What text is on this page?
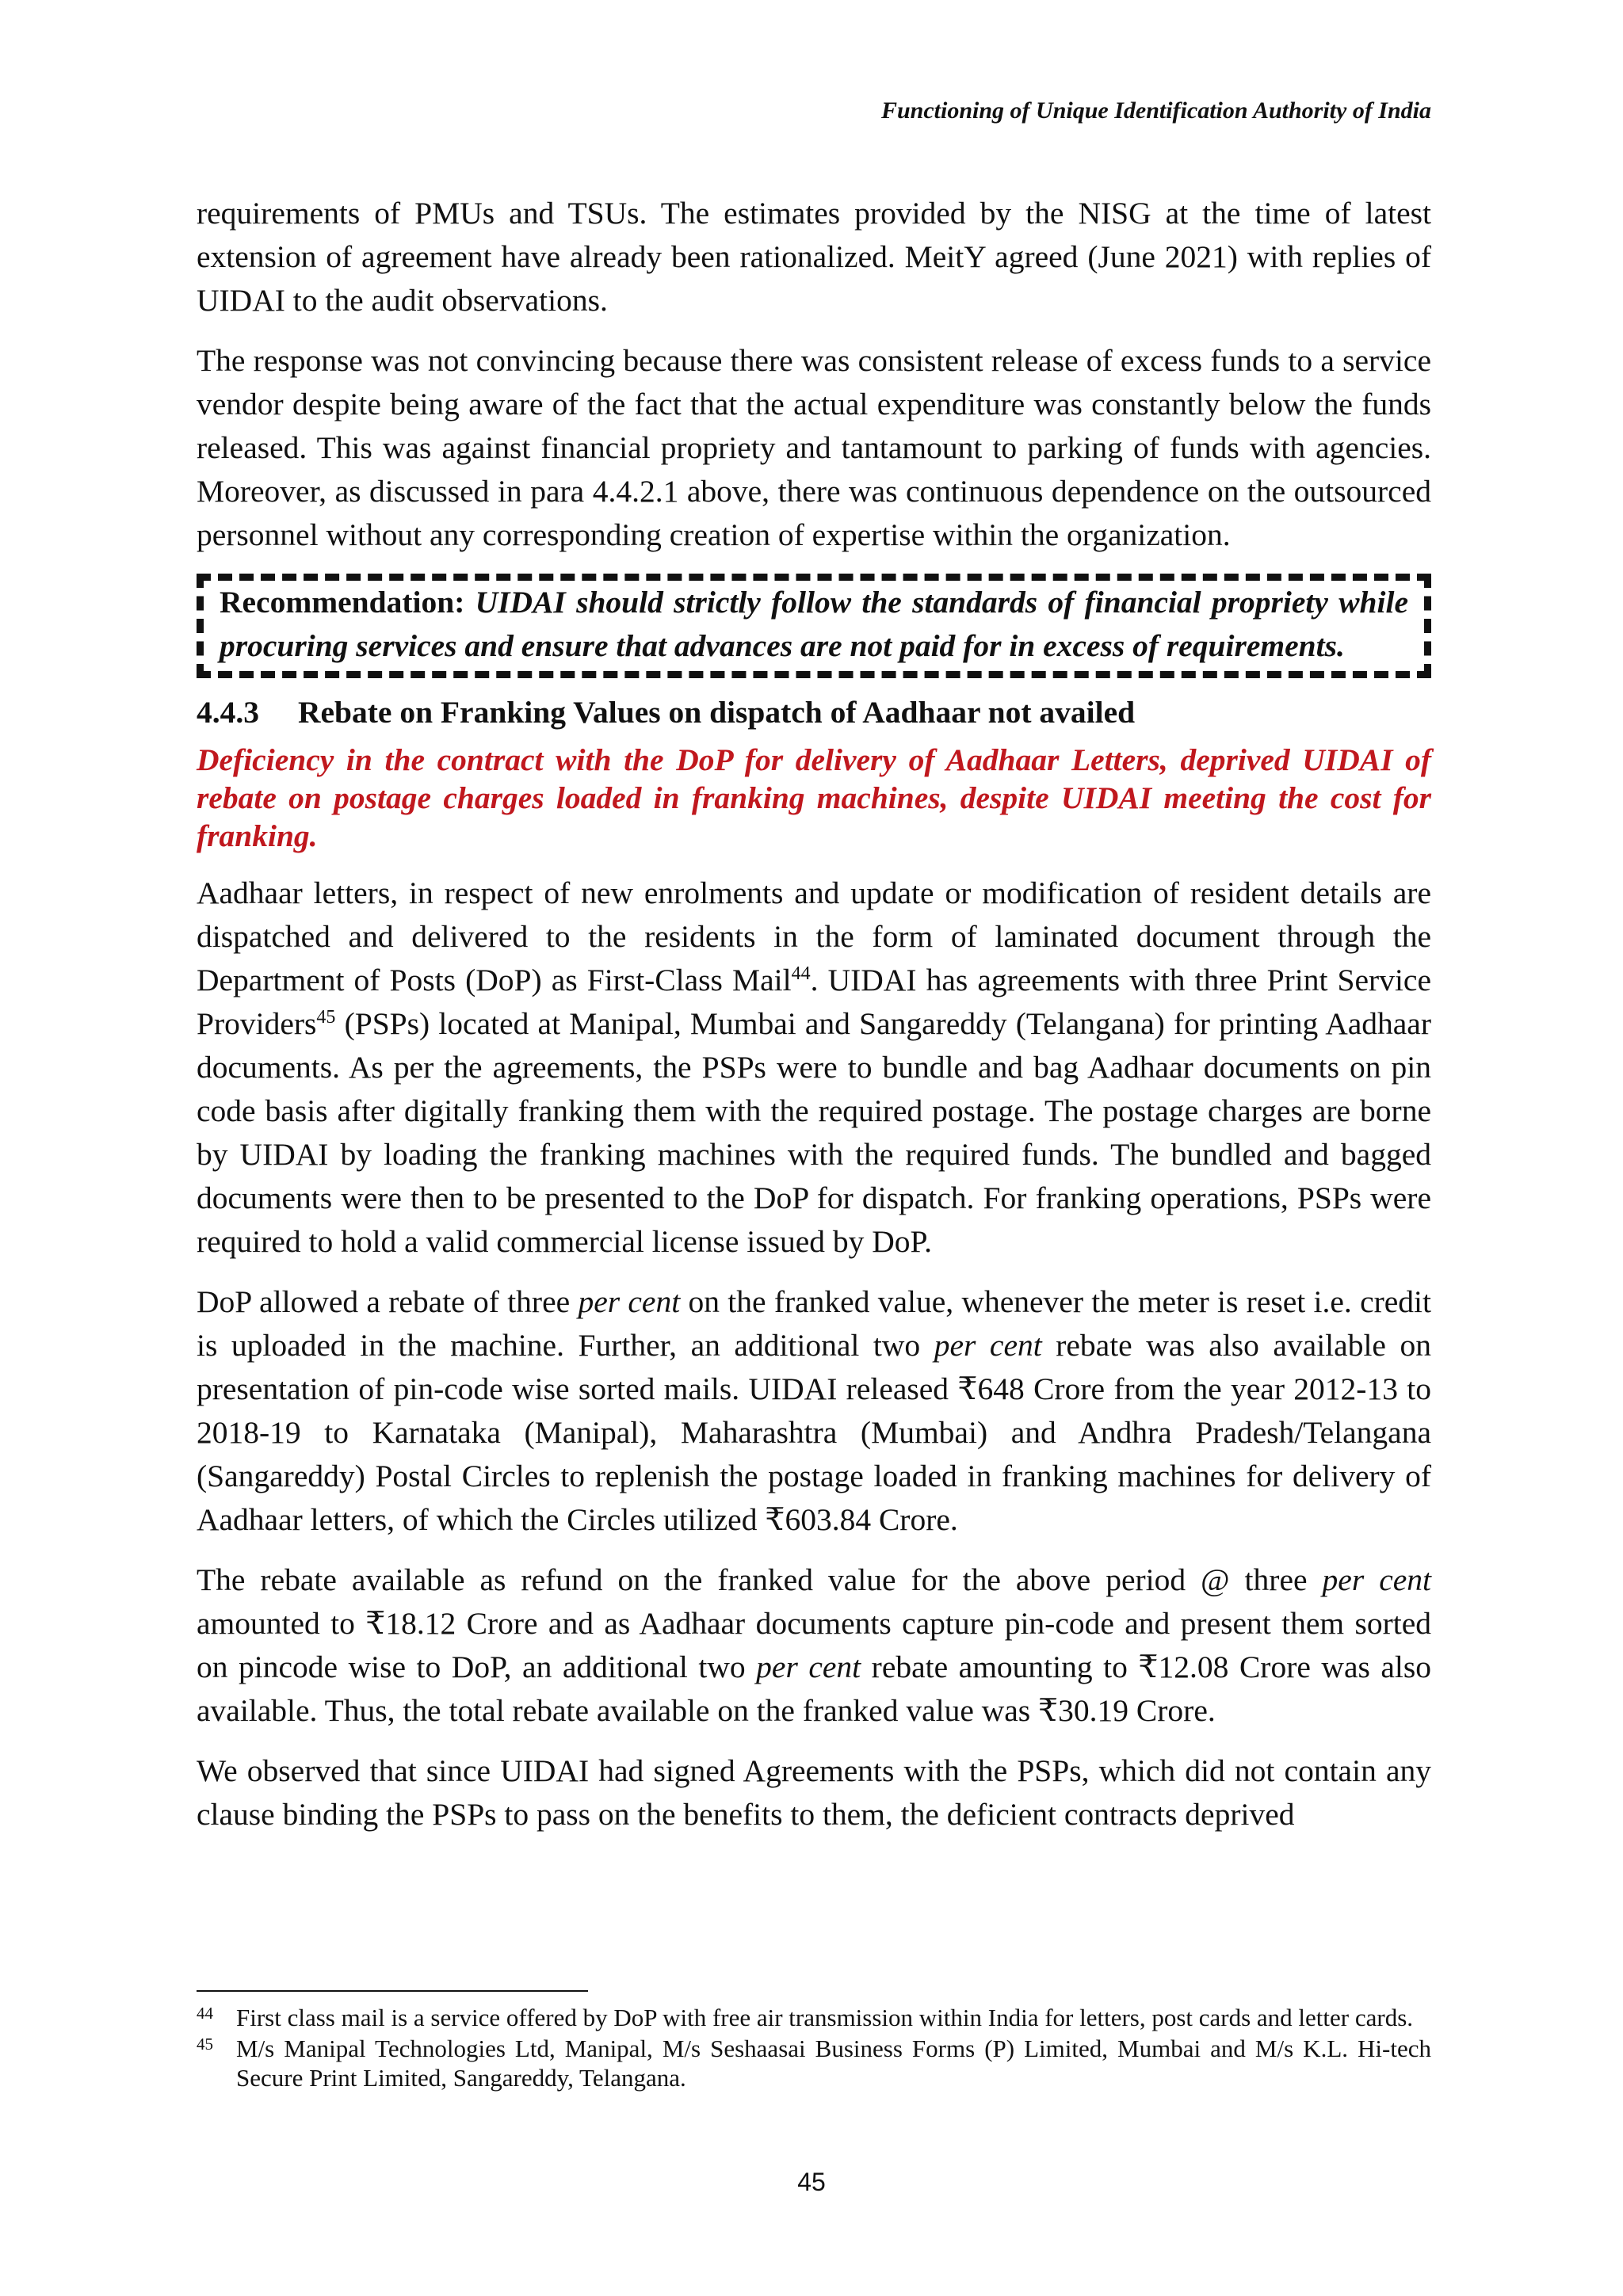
Functioning of Unique Identification Authority of India

requirements of PMUs and TSUs. The estimates provided by the NISG at the time of latest extension of agreement have already been rationalized. MeitY agreed (June 2021) with replies of UIDAI to the audit observations.

The response was not convincing because there was consistent release of excess funds to a service vendor despite being aware of the fact that the actual expenditure was constantly below the funds released. This was against financial propriety and tantamount to parking of funds with agencies. Moreover, as discussed in para 4.4.2.1 above, there was continuous dependence on the outsourced personnel without any corresponding creation of expertise within the organization.

Recommendation: UIDAI should strictly follow the standards of financial propriety while procuring services and ensure that advances are not paid for in excess of requirements.
4.4.3 Rebate on Franking Values on dispatch of Aadhaar not availed

Deficiency in the contract with the DoP for delivery of Aadhaar Letters, deprived UIDAI of rebate on postage charges loaded in franking machines, despite UIDAI meeting the cost for franking.

Aadhaar letters, in respect of new enrolments and update or modification of resident details are dispatched and delivered to the residents in the form of laminated document through the Department of Posts (DoP) as First-Class Mail$^{44}$. UIDAI has agreements with three Print Service Providers$^{45}$ (PSPs) located at Manipal, Mumbai and Sangareddy (Telangana) for printing Aadhaar documents. As per the agreements, the PSPs were to bundle and bag Aadhaar documents on pin code basis after digitally franking them with the required postage. The postage charges are borne by UIDAI by loading the franking machines with the required funds. The bundled and bagged documents were then to be presented to the DoP for dispatch. For franking operations, PSPs were required to hold a valid commercial license issued by DoP.

DoP allowed a rebate of three per cent on the franked value, whenever the meter is reset i.e. credit is uploaded in the machine. Further, an additional two per cent rebate was also available on presentation of pin-code wise sorted mails. UIDAI released ₹648 Crore from the year 2012-13 to 2018-19 to Karnataka (Manipal), Maharashtra (Mumbai) and Andhra Pradesh/Telangana (Sangareddy) Postal Circles to replenish the postage loaded in franking machines for delivery of Aadhaar letters, of which the Circles utilized ₹603.84 Crore.

The rebate available as refund on the franked value for the above period @ three per cent amounted to ₹18.12 Crore and as Aadhaar documents capture pin-code and present them sorted on pincode wise to DoP, an additional two per cent rebate amounting to ₹12.08 Crore was also available. Thus, the total rebate available on the franked value was ₹30.19 Crore.

We observed that since UIDAI had signed Agreements with the PSPs, which did not contain any clause binding the PSPs to pass on the benefits to them, the deficient contracts deprived

44 First class mail is a service offered by DoP with free air transmission within India for letters, post cards and letter cards.
45 M/s Manipal Technologies Ltd, Manipal, M/s Seshaasai Business Forms (P) Limited, Mumbai and M/s K.L. Hi-tech Secure Print Limited, Sangareddy, Telangana.
45
